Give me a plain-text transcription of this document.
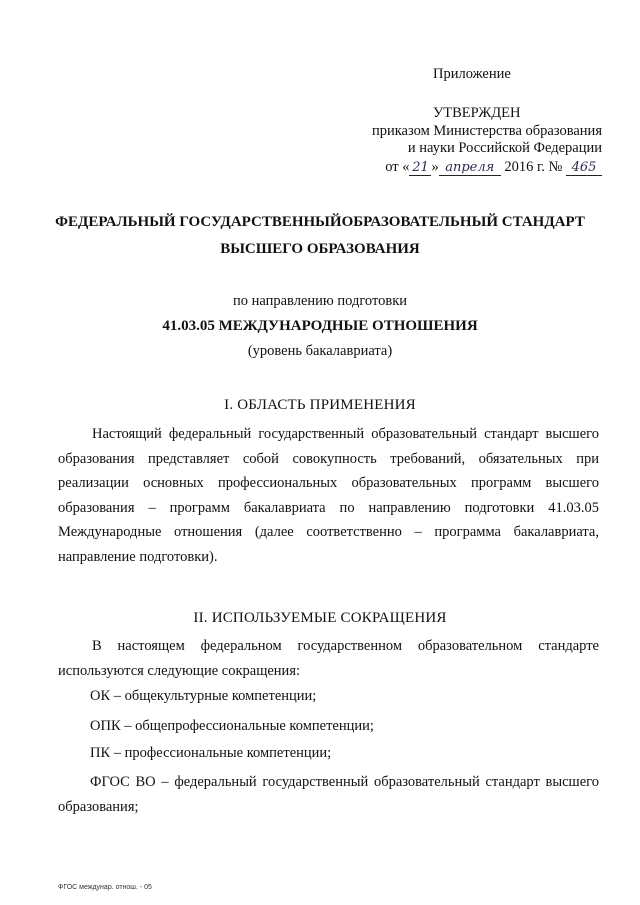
Приложение
УТВЕРЖДЕН
приказом Министерства образования
и науки Российской Федерации
от « 21 » апреля 2016 г. № 465
ФЕДЕРАЛЬНЫЙ ГОСУДАРСТВЕННЫЙОБРАЗОВАТЕЛЬНЫЙ СТАНДАРТ
ВЫСШЕГО ОБРАЗОВАНИЯ
по направлению подготовки
41.03.05 МЕЖДУНАРОДНЫЕ ОТНОШЕНИЯ
(уровень бакалавриата)
I. ОБЛАСТЬ ПРИМЕНЕНИЯ
Настоящий федеральный государственный образовательный стандарт высшего образования представляет собой совокупность требований, обязательных при реализации основных профессиональных образовательных программ высшего образования – программ бакалавриата по направлению подготовки 41.03.05 Международные отношения (далее соответственно – программа бакалавриата, направление подготовки).
II. ИСПОЛЬЗУЕМЫЕ СОКРАЩЕНИЯ
В настоящем федеральном государственном образовательном стандарте используются следующие сокращения:
ОК – общекультурные компетенции;
ОПК – общепрофессиональные компетенции;
ПК – профессиональные компетенции;
ФГОС ВО – федеральный государственный образовательный стандарт высшего образования;
ФГОС междунар. отнош. - 05
